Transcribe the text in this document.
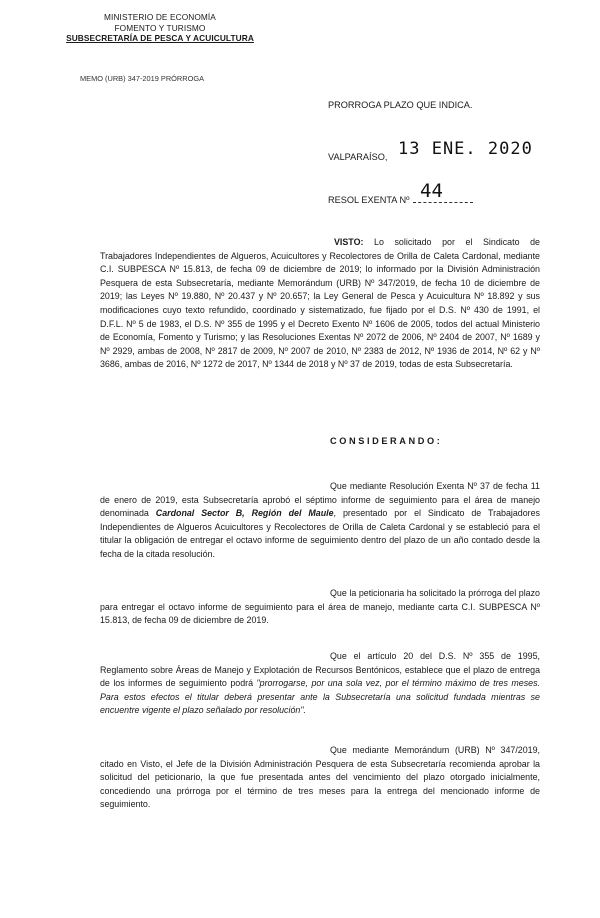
MINISTERIO DE ECONOMÍA
FOMENTO Y TURISMO
SUBSECRETARÍA DE PESCA Y ACUICULTURA
MEMO (URB) 347-2019 PRÓRROGA
PRORROGA PLAZO QUE INDICA.
VALPARAÍSO, 13 ENE. 2020
RESOL EXENTA Nº 44
VISTO: Lo solicitado por el Sindicato de Trabajadores Independientes de Algueros, Acuicultores y Recolectores de Orilla de Caleta Cardonal, mediante C.I. SUBPESCA Nº 15.813, de fecha 09 de diciembre de 2019; lo informado por la División Administración Pesquera de esta Subsecretaría, mediante Memorándum (URB) Nº 347/2019, de fecha 10 de diciembre de 2019; las Leyes Nº 19.880, Nº 20.437 y Nº 20.657; la Ley General de Pesca y Acuicultura Nº 18.892 y sus modificaciones cuyo texto refundido, coordinado y sistematizado, fue fijado por el D.S. Nº 430 de 1991, el D.F.L. Nº 5 de 1983, el D.S. Nº 355 de 1995 y el Decreto Exento Nº 1606 de 2005, todos del actual Ministerio de Economía, Fomento y Turismo; y las Resoluciones Exentas Nº 2072 de 2006, Nº 2404 de 2007, Nº 1689 y Nº 2929, ambas de 2008, Nº 2817 de 2009, Nº 2007 de 2010, Nº 2383 de 2012, Nº 1936 de 2014, Nº 62 y Nº 3686, ambas de 2016, Nº 1272 de 2017, Nº 1344 de 2018 y Nº 37 de 2019, todas de esta Subsecretaría.
CONSIDERANDO:
Que mediante Resolución Exenta Nº 37 de fecha 11 de enero de 2019, esta Subsecretaría aprobó el séptimo informe de seguimiento para el área de manejo denominada Cardonal Sector B, Región del Maule, presentado por el Sindicato de Trabajadores Independientes de Algueros Acuicultores y Recolectores de Orilla de Caleta Cardonal y se estableció para el titular la obligación de entregar el octavo informe de seguimiento dentro del plazo de un año contado desde la fecha de la citada resolución.
Que la peticionaria ha solicitado la prórroga del plazo para entregar el octavo informe de seguimiento para el área de manejo, mediante carta C.I. SUBPESCA Nº 15.813, de fecha 09 de diciembre de 2019.
Que el artículo 20 del D.S. Nº 355 de 1995, Reglamento sobre Áreas de Manejo y Explotación de Recursos Bentónicos, establece que el plazo de entrega de los informes de seguimiento podrá "prorrogarse, por una sola vez, por el término máximo de tres meses. Para estos efectos el titular deberá presentar ante la Subsecretaría una solicitud fundada mientras se encuentre vigente el plazo señalado por resolución".
Que mediante Memorándum (URB) Nº 347/2019, citado en Visto, el Jefe de la División Administración Pesquera de esta Subsecretaría recomienda aprobar la solicitud del peticionario, la que fue presentada antes del vencimiento del plazo otorgado inicialmente, concediendo una prórroga por el término de tres meses para la entrega del mencionado informe de seguimiento.
